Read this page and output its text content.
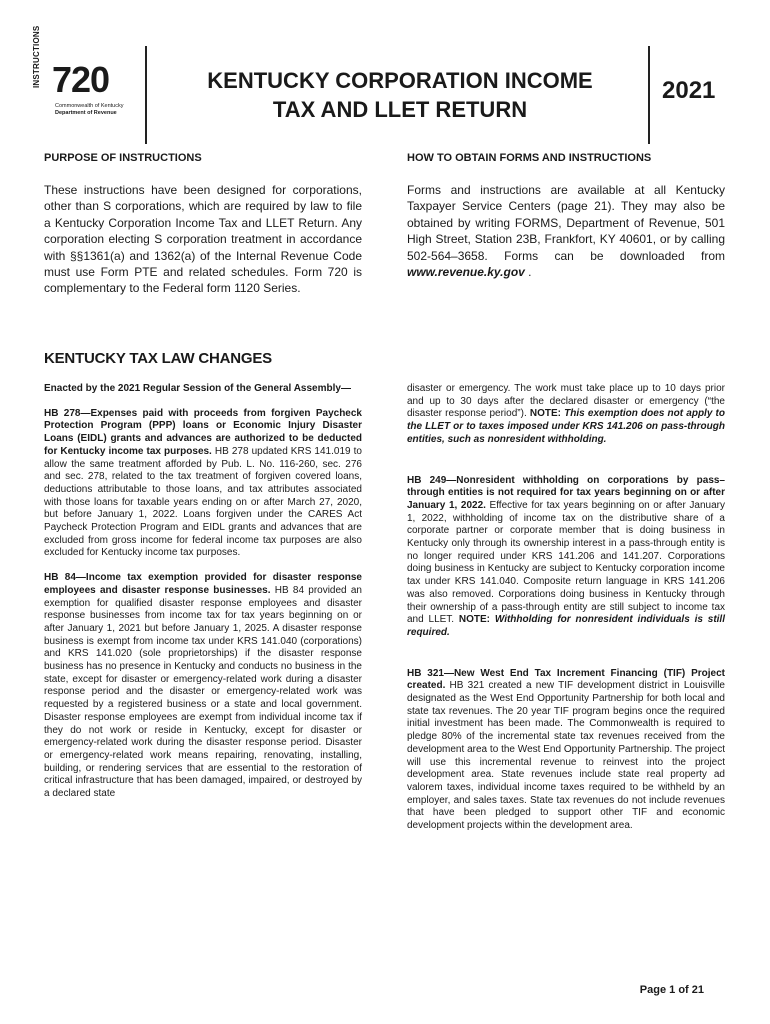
INSTRUCTIONS 720
Commonwealth of Kentucky
Department of Revenue
KENTUCKY CORPORATION INCOME
TAX AND LLET RETURN
2021
PURPOSE OF INSTRUCTIONS
These instructions have been designed for corporations, other than S corporations, which are required by law to file a Kentucky Corporation Income Tax and LLET Return. Any corporation electing S corporation treatment in accordance with §§1361(a) and 1362(a) of the Internal Revenue Code must use Form PTE and related schedules. Form 720 is complementary to the Federal form 1120 Series.
HOW TO OBTAIN FORMS AND INSTRUCTIONS
Forms and instructions are available at all Kentucky Taxpayer Service Centers (page 21). They may also be obtained by writing FORMS, Department of Revenue, 501 High Street, Station 23B, Frankfort, KY 40601, or by calling 502-564–3658. Forms can be downloaded from www.revenue.ky.gov .
KENTUCKY TAX LAW CHANGES

Enacted by the 2021 Regular Session of the General Assembly—

HB 278—Expenses paid with proceeds from forgiven Paycheck Protection Program (PPP) loans or Economic Injury Disaster Loans (EIDL) grants and advances are authorized to be deducted for Kentucky income tax purposes. HB 278 updated KRS 141.019 to allow the same treatment afforded by Pub. L. No. 116-260, sec. 276 and sec. 278, related to the tax treatment of forgiven covered loans, deductions attributable to those loans, and tax attributes associated with those loans for taxable years ending on or after March 27, 2020, but before January 1, 2022. Loans forgiven under the CARES Act Paycheck Protection Program and EIDL grants and advances that are excluded from gross income for federal income tax purposes are also excluded for Kentucky income tax purposes.

HB 84—Income tax exemption provided for disaster response employees and disaster response businesses. HB 84 provided an exemption for qualified disaster response employees and disaster response businesses from income tax for tax years beginning on or after January 1, 2021 but before January 1, 2025. A disaster response business is exempt from income tax under KRS 141.040 (corporations) and KRS 141.020 (sole proprietorships) if the disaster response business has no presence in Kentucky and conducts no business in the state, except for disaster or emergency-related work during a disaster response period and the disaster or emergency-related work was requested by a registered business or a state and local government. Disaster response employees are exempt from individual income tax if they do not work or reside in Kentucky, except for disaster or emergency-related work during the disaster response period. Disaster or emergency-related work means repairing, renovating, installing, building, or rendering services that are essential to the restoration of critical infrastructure that has been damaged, impaired, or destroyed by a declared state

disaster or emergency. The work must take place up to 10 days prior and up to 30 days after the declared disaster or emergency (“the disaster response period”). NOTE: This exemption does not apply to the LLET or to taxes imposed under KRS 141.206 on pass-through entities, such as nonresident withholding.

HB 249—Nonresident withholding on corporations by pass–through entities is not required for tax years beginning on or after January 1, 2022. Effective for tax years beginning on or after January 1, 2022, withholding of income tax on the distributive share of a corporate partner or corporate member that is doing business in Kentucky only through its ownership interest in a pass-through entity is no longer required under KRS 141.206 and 141.207. Corporations doing business in Kentucky are subject to Kentucky corporation income tax under KRS 141.040. Composite return language in KRS 141.206 was also removed. Corporations doing business in Kentucky through their ownership of a pass-through entity are still subject to income tax and LLET. NOTE: Withholding for nonresident individuals is still required.

HB 321—New West End Tax Increment Financing (TIF) Project created. HB 321 created a new TIF development district in Louisville designated as the West End Opportunity Partnership for both local and state tax revenues. The 20 year TIF program begins once the required initial investment has been made. The Commonwealth is required to pledge 80% of the incremental state tax revenues received from the development area to the West End Opportunity Partnership. The project will use this incremental revenue to reinvest into the project development area. State revenues include state real property ad valorem taxes, individual income taxes required to be withheld by an employer, and sales taxes. State tax revenues do not include revenues that have been pledged to support other TIF and economic development projects within the development area.

Page 1 of 21
